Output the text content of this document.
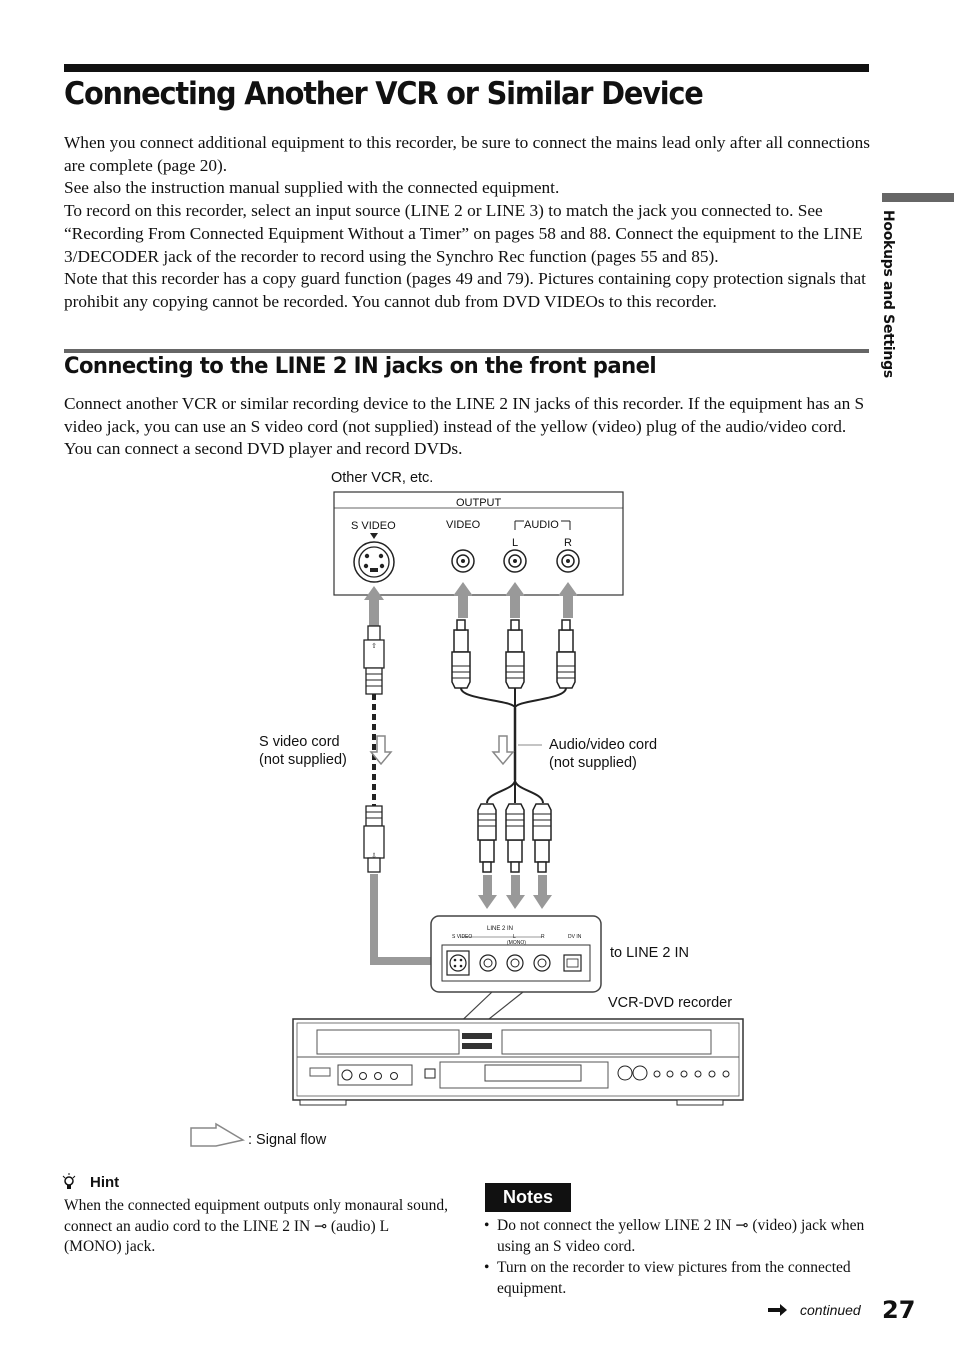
Connecting Another VCR or Similar Device

When you connect additional equipment to this recorder, be sure to connect the mains lead only after all connections are complete (page 20).

See also the instruction manual supplied with the connected equipment.

To record on this recorder, select an input source (LINE 2 or LINE 3) to match the jack you connected to. See “Recording From Connected Equipment Without a Timer” on pages 58 and 88. Connect the equipment to the LINE 3/DECODER jack of the recorder to record using the Synchro Rec function (pages 55 and 85).

Note that this recorder has a copy guard function (pages 49 and 79). Pictures containing copy protection signals that prohibit any copying cannot be recorded. You cannot dub from DVD VIDEOs to this recorder.

Connecting to the LINE 2 IN jacks on the front panel

Connect another VCR or similar recording device to the LINE 2 IN jacks of this recorder. If the equipment has an S video jack, you can use an S video cord (not supplied) instead of the yellow (video) plug of the audio/video cord. You can connect a second DVD player and record DVDs.

Hookups and Settings
⇧
⇩
Other VCR, etc.
OUTPUT
S VIDEO	VIDEO	AUDIO
L	R
S video cord
(not supplied)
Audio/video cord
(not supplied)
LINE 2 IN
S VIDEO	L
(MONO)
R	DV IN
to LINE 2 IN
VCR-DVD recorder
: Signal flow
Hint
When the connected equipment outputs only monaural sound, connect an audio cord to the LINE 2 IN ⊸ (audio) L (MONO) jack.
Notes
• Do not connect the yellow LINE 2 IN ⊸ (video) jack when using an S video cord.
• Turn on the recorder to view pictures from the connected equipment.
continued 27
